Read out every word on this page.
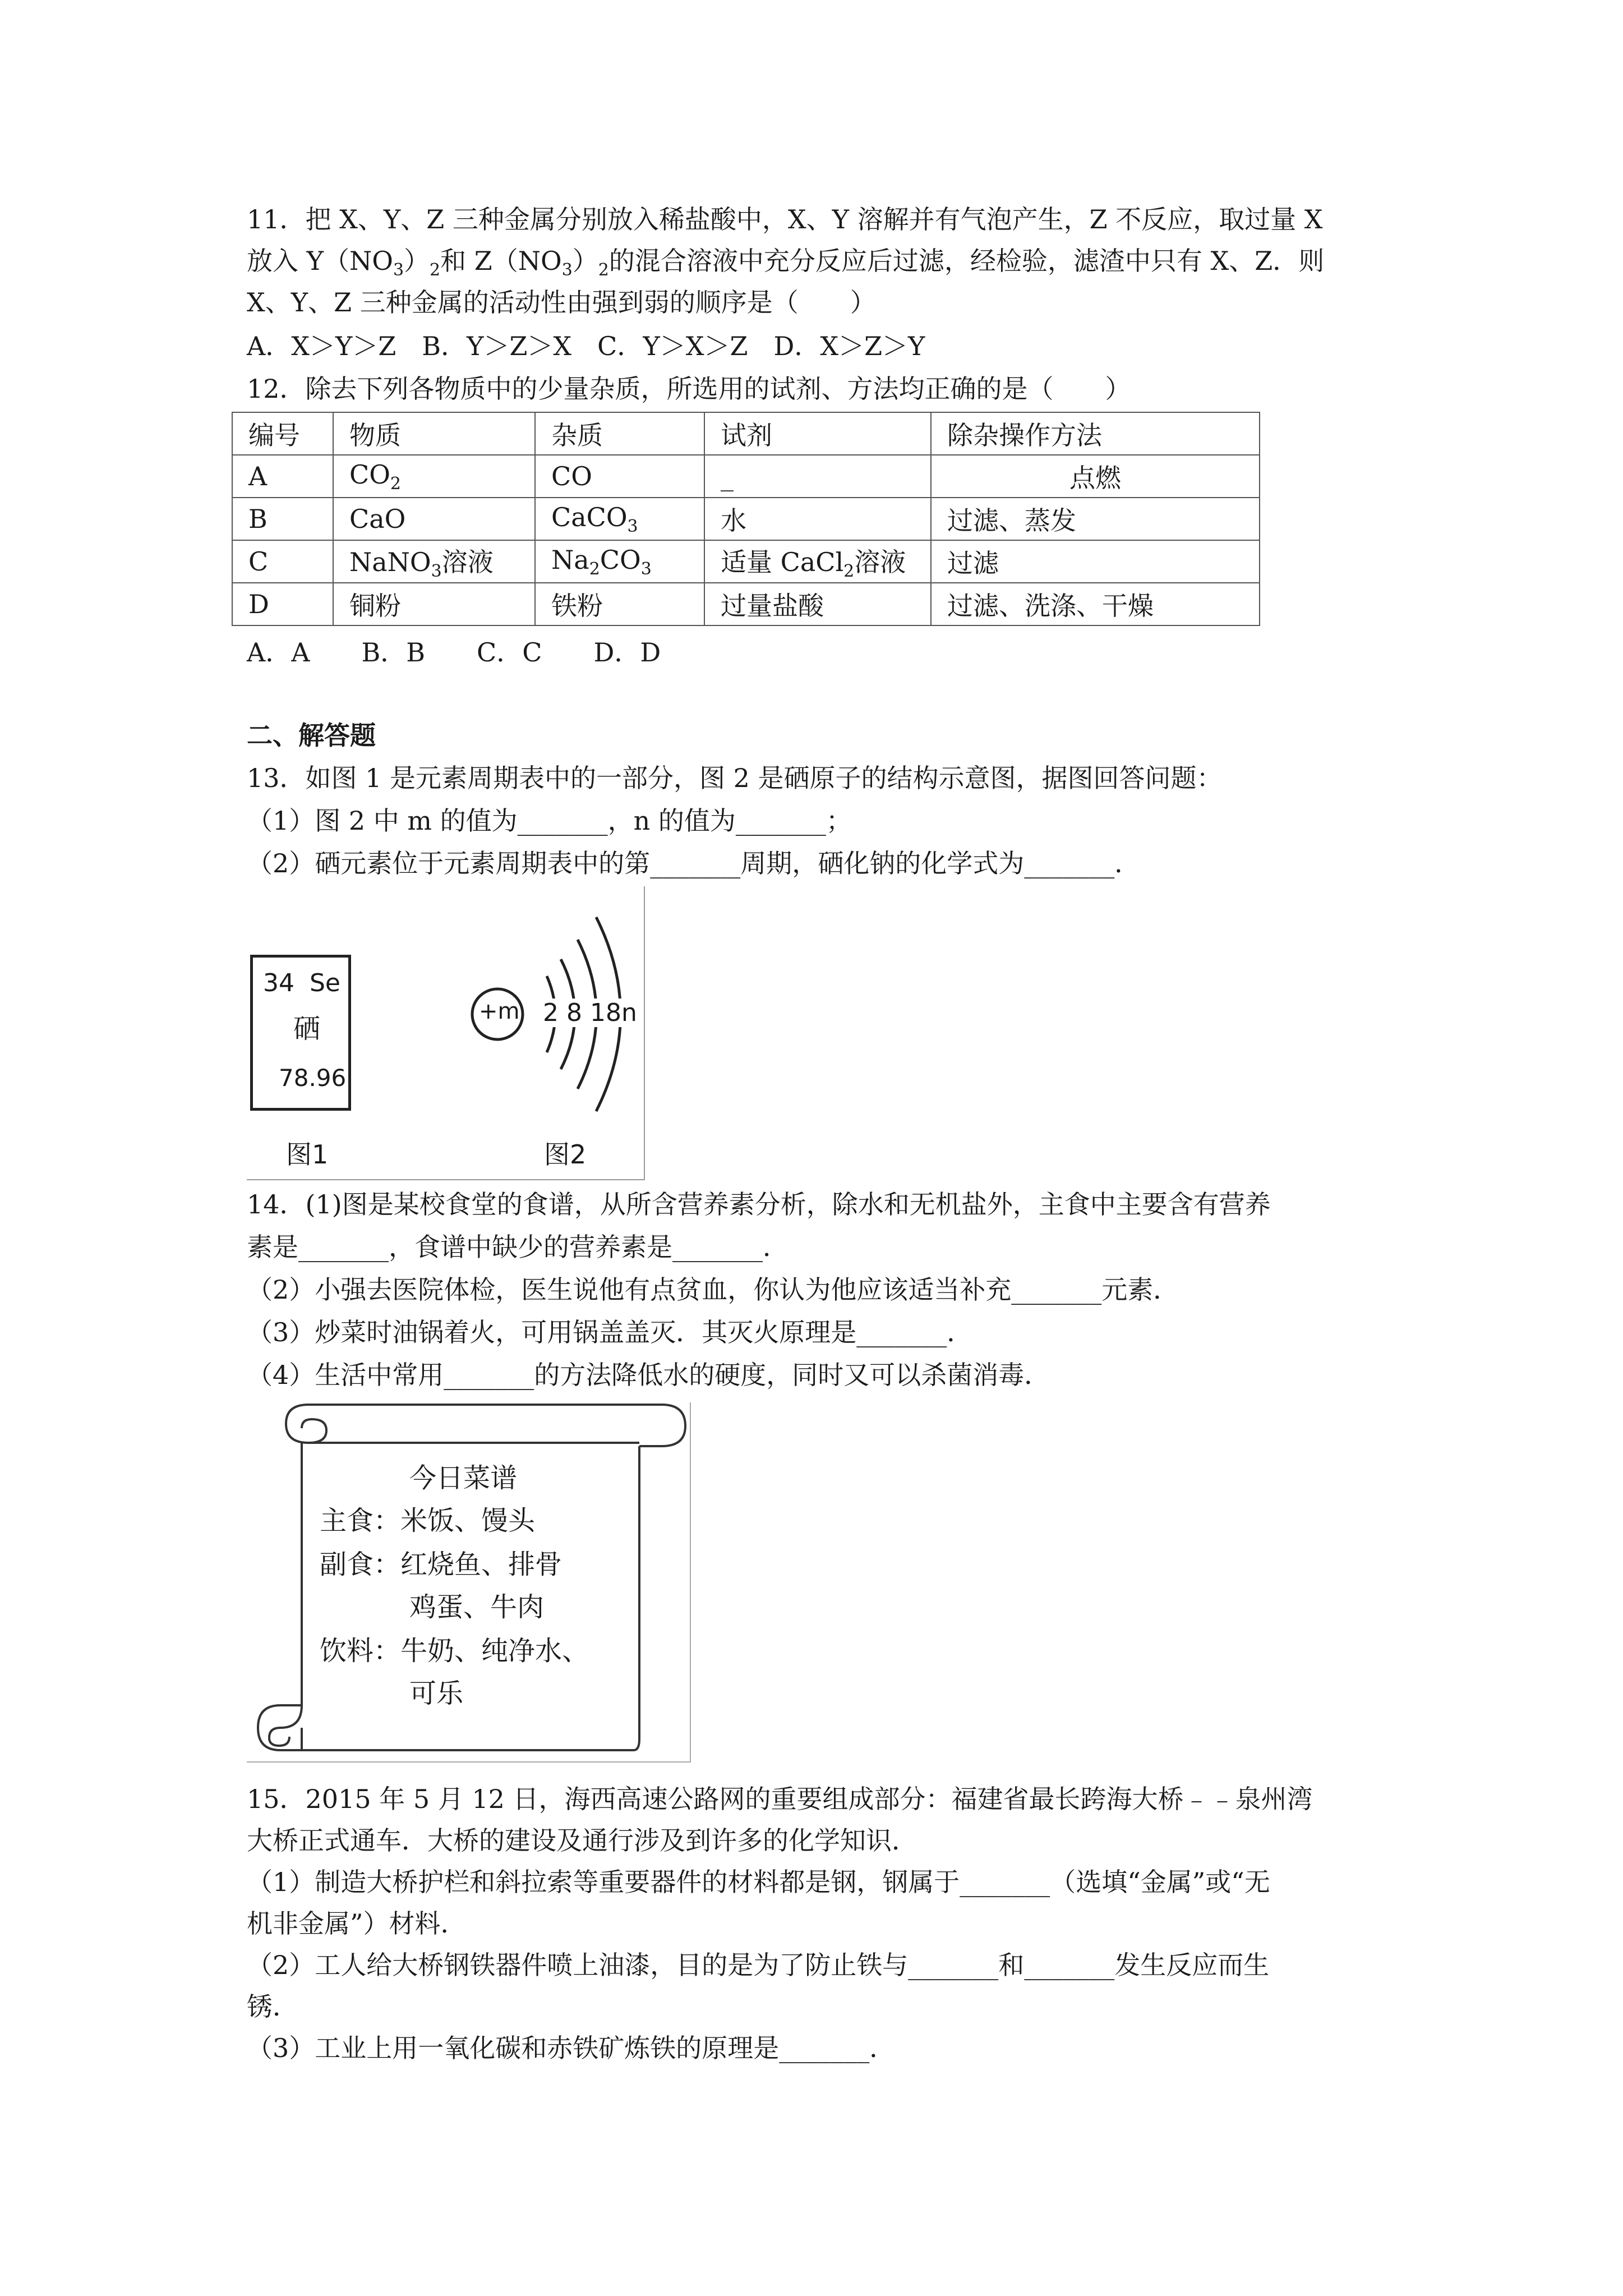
11．把 X、Y、Z 三种金属分别放入稀盐酸中，X、Y 溶解并有气泡产生，Z 不反应，取过量 X
放入 $Y(NO_3)_2$和 $Z(NO_3)_2$的混合溶液中充分反应后过滤，经检验，滤渣中只有 X、Z．则
X、Y、Z 三种金属的活动性由强到弱的顺序是（　　）
A．X＞Y＞Z　B．Y＞Z＞X　C．Y＞X＞Z　D．X＞Z＞Y
12．除去下列各物质中的少量杂质，所选用的试剂、方法均正确的是（　　）
编号	物质	杂质	试剂	除杂操作方法
A	$CO_2$	CO	_	点燃
B	CaO	CaCO$_3$	水	过滤、蒸发
C	NaNO$_3$溶液	$Na_2CO_3$	适量 CaCl$_2$溶液	过滤
D	铜粉	铁粉	过量盐酸	过滤、洗涤、干燥
A．A　　B．B　　C．C　　D．D
二、解答题
13．如图 1 是元素周期表中的一部分，图 2 是硒原子的结构示意图，据图回答问题：
（1）图 2 中 m 的值为_______，n 的值为_______；
（2）硒元素位于元素周期表中的第_______周期，硒化钠的化学式为_______．
34 Se
硒
78.96
图1
+m 2 8 18n
图2
14．(1)图是某校食堂的食谱，从所含营养素分析，除水和无机盐外，主食中主要含有营养
素是_______，食谱中缺少的营养素是_______．
（2）小强去医院体检，医生说他有点贫血，你认为他应该适当补充_______元素．
（3）炒菜时油锅着火，可用锅盖盖灭．其灭火原理是_______．
（4）生活中常用_______的方法降低水的硬度，同时又可以杀菌消毒．
今日菜谱
主食：米饭、馒头
副食：红烧鱼、排骨
鸡蛋、牛肉
饮料：牛奶、纯净水、
可乐
15．2015 年 5 月 12 日，海西高速公路网的重要组成部分：福建省最长跨海大桥﹣﹣泉州湾
大桥正式通车．大桥的建设及通行涉及到许多的化学知识．
（1）制造大桥护栏和斜拉索等重要器件的材料都是钢，钢属于_______（选填“金属”或“无
机非金属”）材料．
（2）工人给大桥钢铁器件喷上油漆，目的是为了防止铁与_______和_______发生反应而生
锈．
（3）工业上用一氧化碳和赤铁矿炼铁的原理是_______．
